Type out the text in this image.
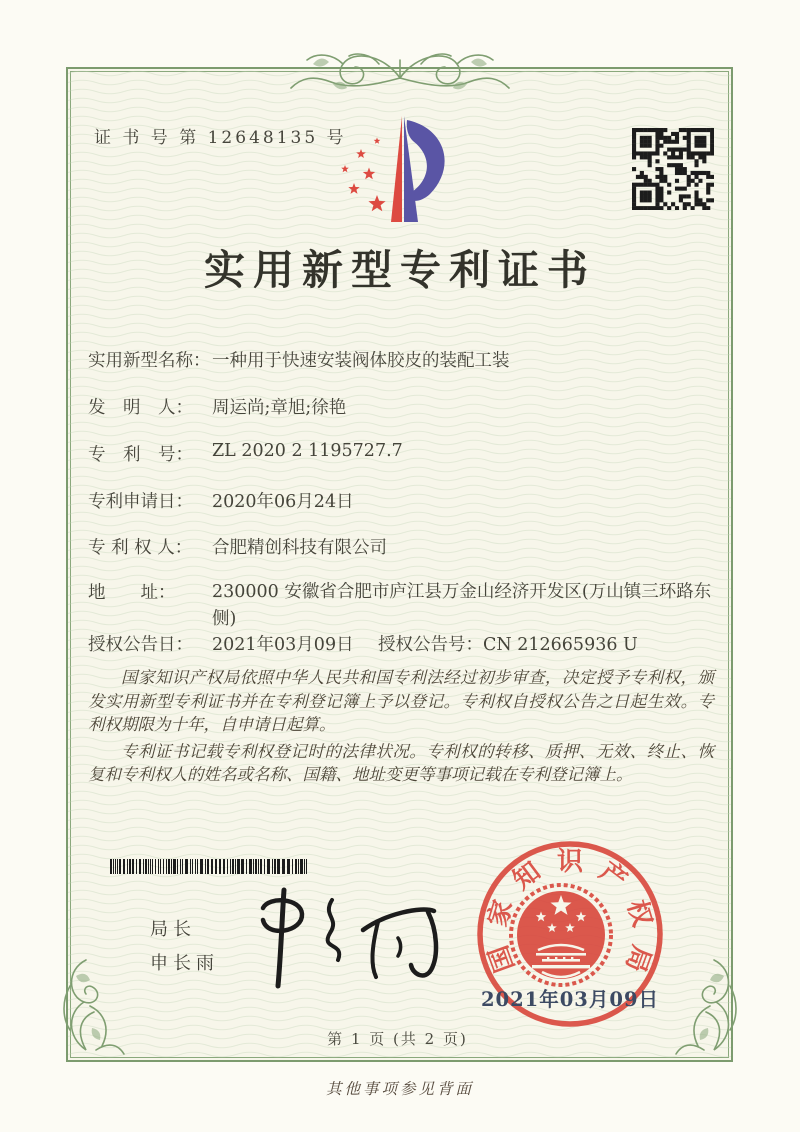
证 书 号 第 12648135 号
实用新型专利证书
实用新型名称：一种用于快速安装阀体胶皮的装配工装
发　明　人： 周运尚;章旭;徐艳
专　利　号： ZL 2020 2 1195727.7
专利申请日： 2020年06月24日
专 利 权 人： 合肥精创科技有限公司
地　　址： 230000 安徽省合肥市庐江县万金山经济开发区(万山镇三环路东侧)
授权公告日： 2021年03月09日 授权公告号：CN 212665936 U

国家知识产权局依照中华人民共和国专利法经过初步审查，决定授予专利权，颁发实用新型专利证书并在专利登记簿上予以登记。专利权自授权公告之日起生效。专利权期限为十年，自申请日起算。

专利证书记载专利权登记时的法律状况。专利权的转移、质押、无效、终止、恢复和专利权人的姓名或名称、国籍、地址变更等事项记载在专利登记簿上。

局长
申长雨	国
家
知 识 产
权
局
2021年03月09日
第 1 页 (共 2 页)
其他事项参见背面
